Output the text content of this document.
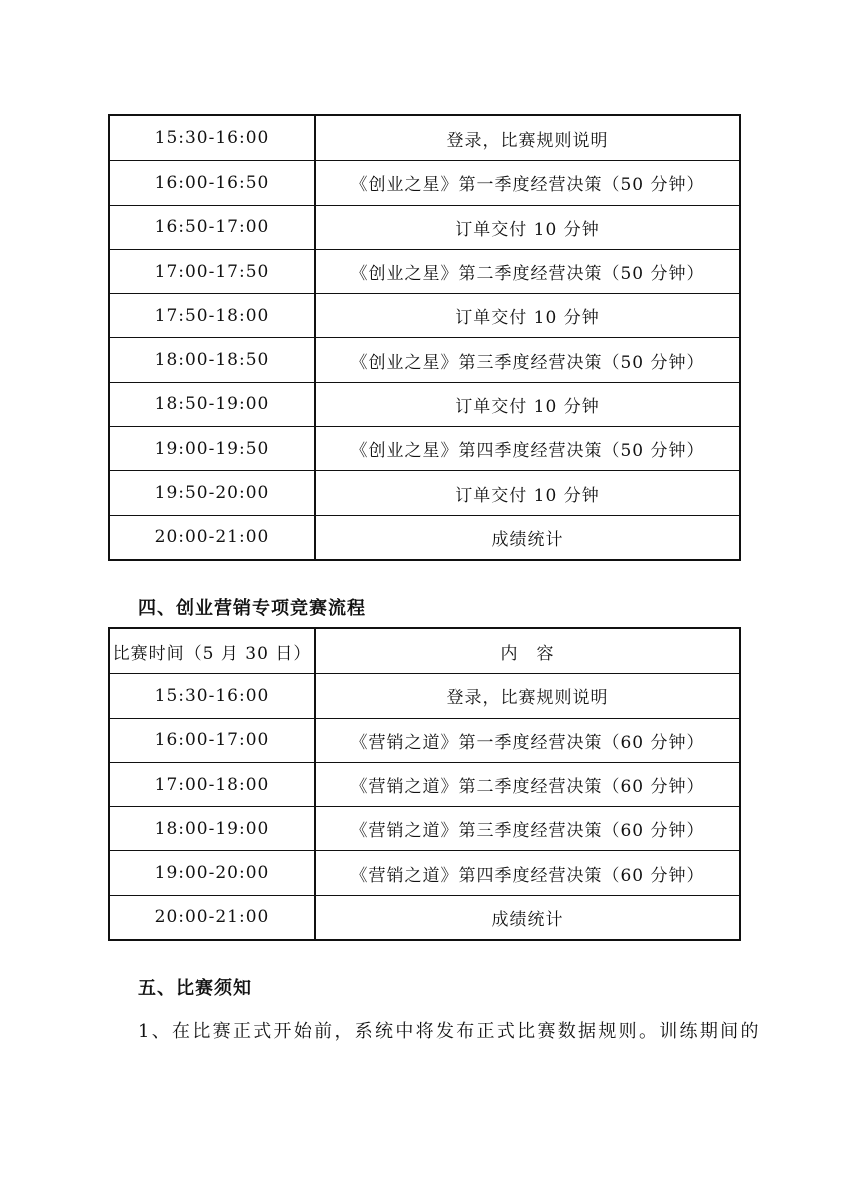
15:30-16:00	登录，比赛规则说明
16:00-16:50	《创业之星》第一季度经营决策（50 分钟）
16:50-17:00	订单交付 10 分钟
17:00-17:50	《创业之星》第二季度经营决策（50 分钟）
17:50-18:00	订单交付 10 分钟
18:00-18:50	《创业之星》第三季度经营决策（50 分钟）
18:50-19:00	订单交付 10 分钟
19:00-19:50	《创业之星》第四季度经营决策（50 分钟）
19:50-20:00	订单交付 10 分钟
20:00-21:00	成绩统计
四、创业营销专项竞赛流程
比赛时间（5 月 30 日）	内　容
15:30-16:00	登录，比赛规则说明
16:00-17:00	《营销之道》第一季度经营决策（60 分钟）
17:00-18:00	《营销之道》第二季度经营决策（60 分钟）
18:00-19:00	《营销之道》第三季度经营决策（60 分钟）
19:00-20:00	《营销之道》第四季度经营决策（60 分钟）
20:00-21:00	成绩统计
五、比赛须知
1、在比赛正式开始前，系统中将发布正式比赛数据规则。训练期间的
